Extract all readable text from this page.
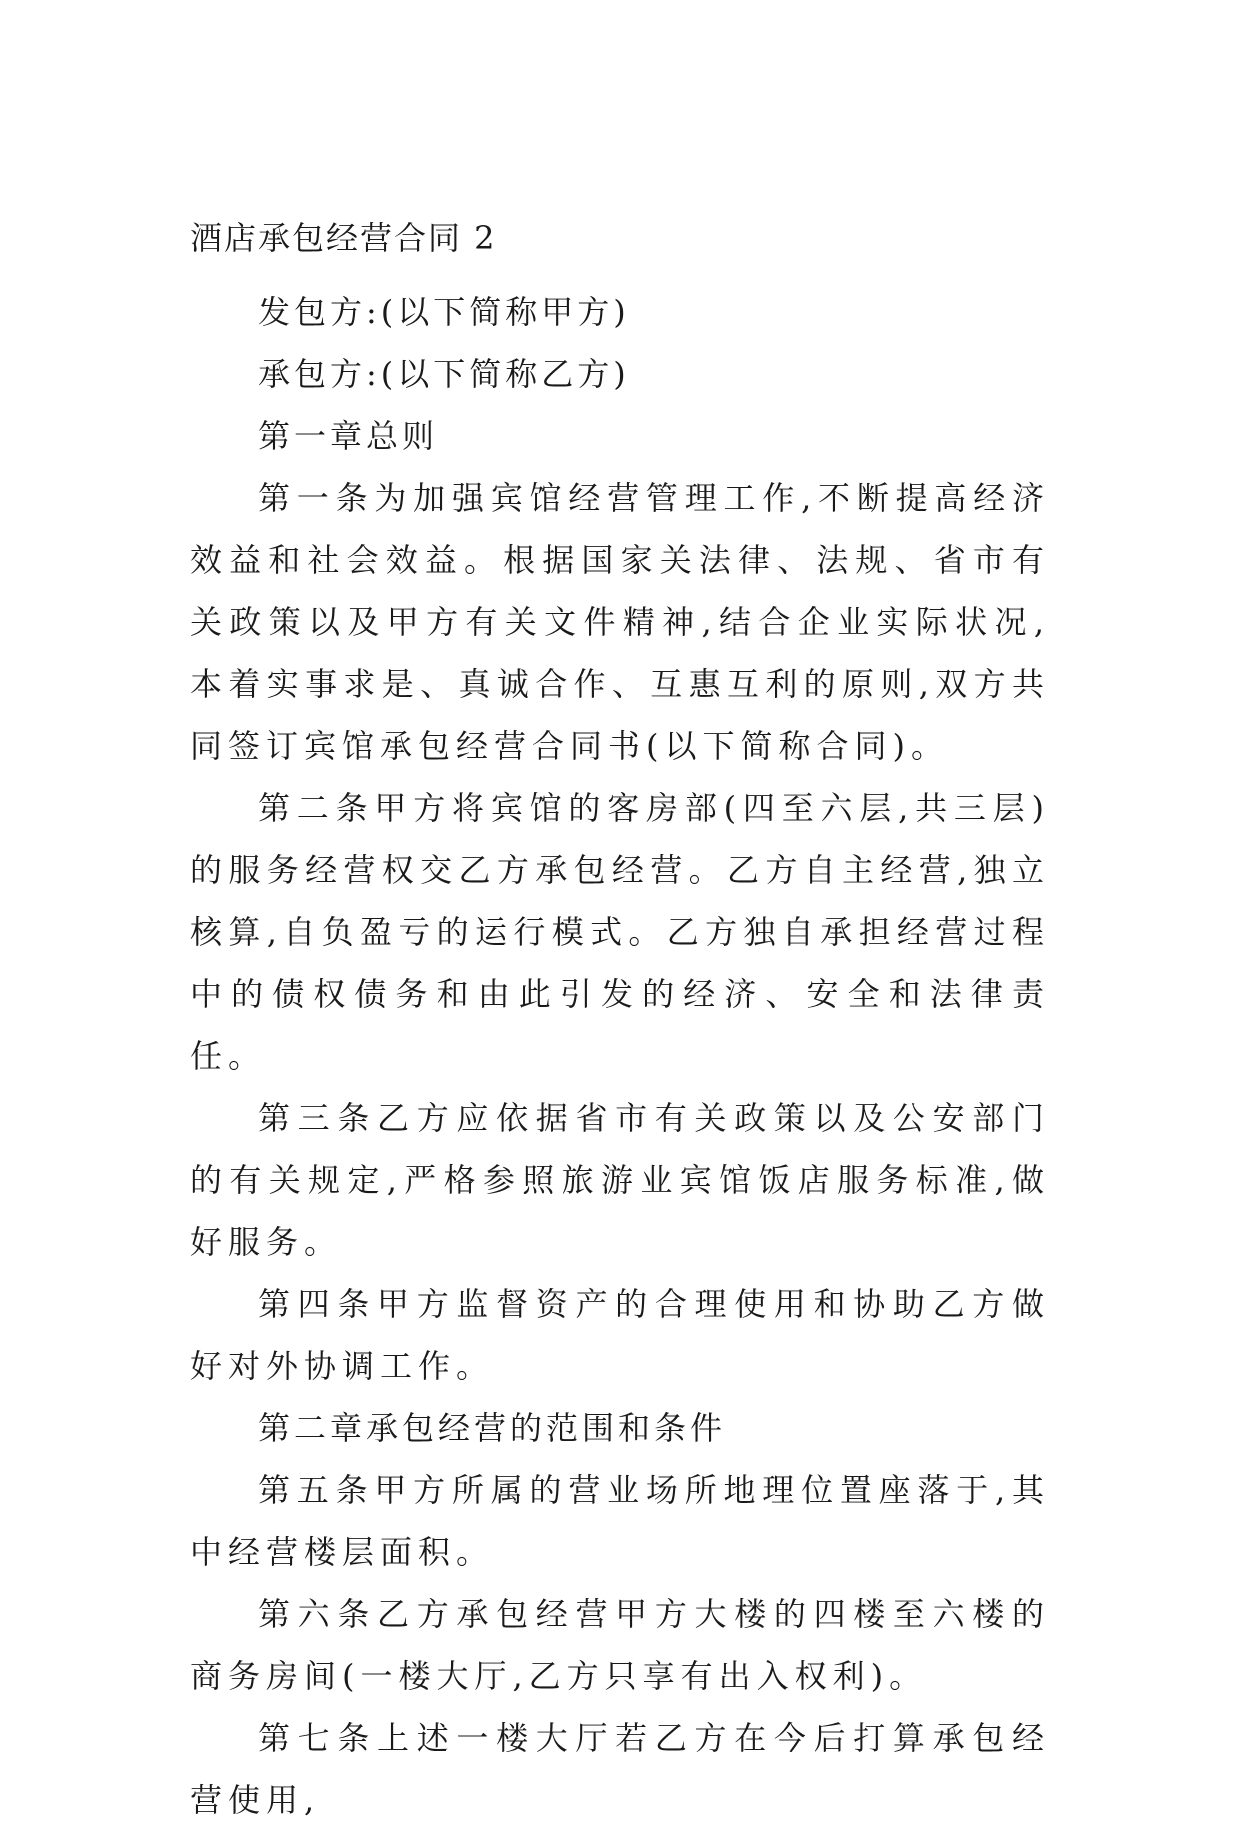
酒店承包经营合同 2

发包方:(以下简称甲方)

承包方:(以下简称乙方)

第一章总则

第一条为加强宾馆经营管理工作,不断提高经济效益和社会效益。根据国家关法律、法规、省市有关政策以及甲方有关文件精神,结合企业实际状况,本着实事求是、真诚合作、互惠互利的原则,双方共同签订宾馆承包经营合同书(以下简称合同)。

第二条甲方将宾馆的客房部(四至六层,共三层)的服务经营权交乙方承包经营。乙方自主经营,独立核算,自负盈亏的运行模式。乙方独自承担经营过程中的债权债务和由此引发的经济、安全和法律责任。

第三条乙方应依据省市有关政策以及公安部门的有关规定,严格参照旅游业宾馆饭店服务标准,做好服务。

第四条甲方监督资产的合理使用和协助乙方做好对外协调工作。

第二章承包经营的范围和条件

第五条甲方所属的营业场所地理位置座落于,其中经营楼层面积。

第六条乙方承包经营甲方大楼的四楼至六楼的商务房间(一楼大厅,乙方只享有出入权利)。

第七条上述一楼大厅若乙方在今后打算承包经营使用,
